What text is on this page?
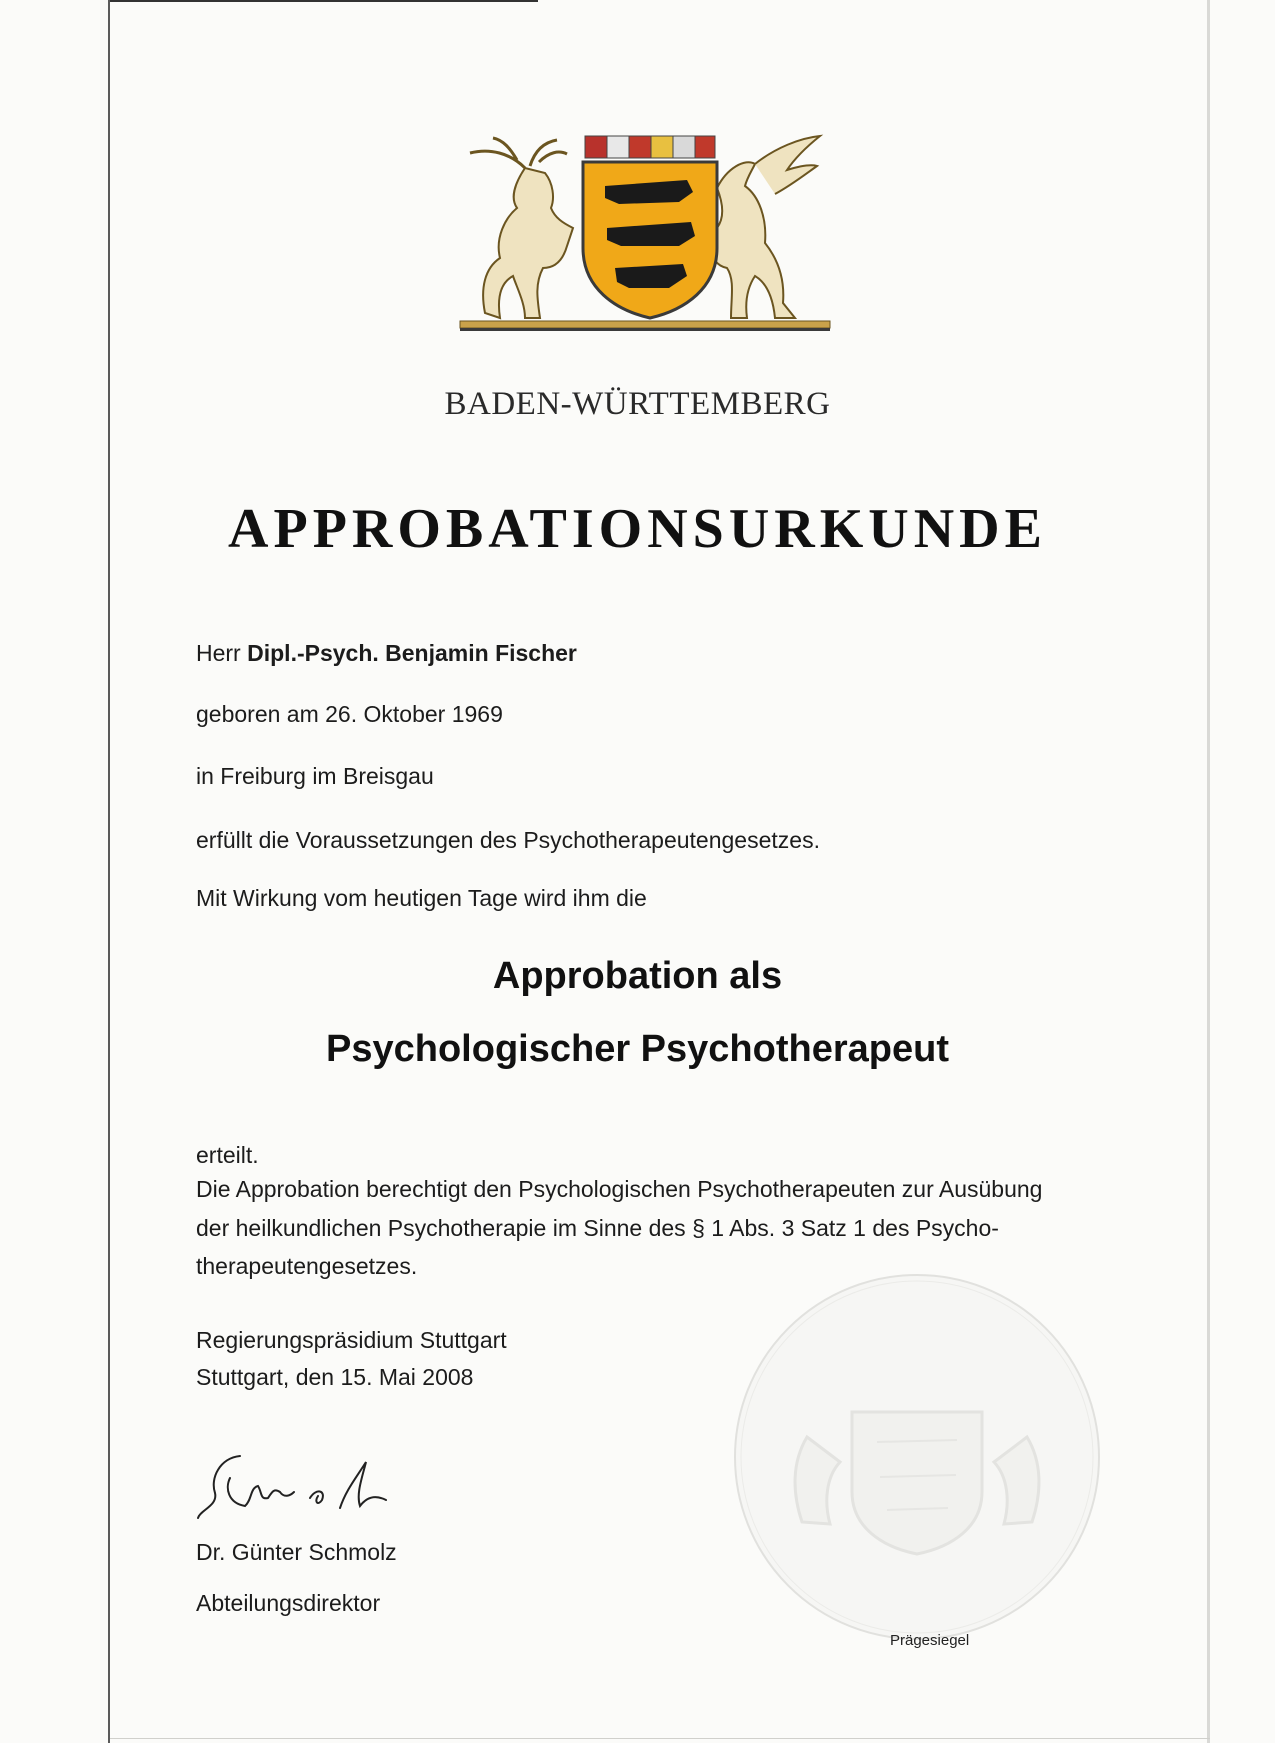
BADEN-WÜRTTEMBERG
APPROBATIONSURKUNDE
Herr Dipl.-Psych. Benjamin Fischer
geboren am 26. Oktober 1969
in Freiburg im Breisgau
erfüllt die Voraussetzungen des Psychotherapeutengesetzes.
Mit Wirkung vom heutigen Tage wird ihm die
Approbation als
Psychologischer Psychotherapeut
erteilt.
Die Approbation berechtigt den Psychologischen Psychotherapeuten zur Ausübung
der heilkundlichen Psychotherapie im Sinne des § 1 Abs. 3 Satz 1 des Psycho-
therapeutengesetzes.
Regierungspräsidium Stuttgart
Stuttgart, den 15. Mai 2008
Dr. Günter Schmolz
Abteilungsdirektor
Prägesiegel
